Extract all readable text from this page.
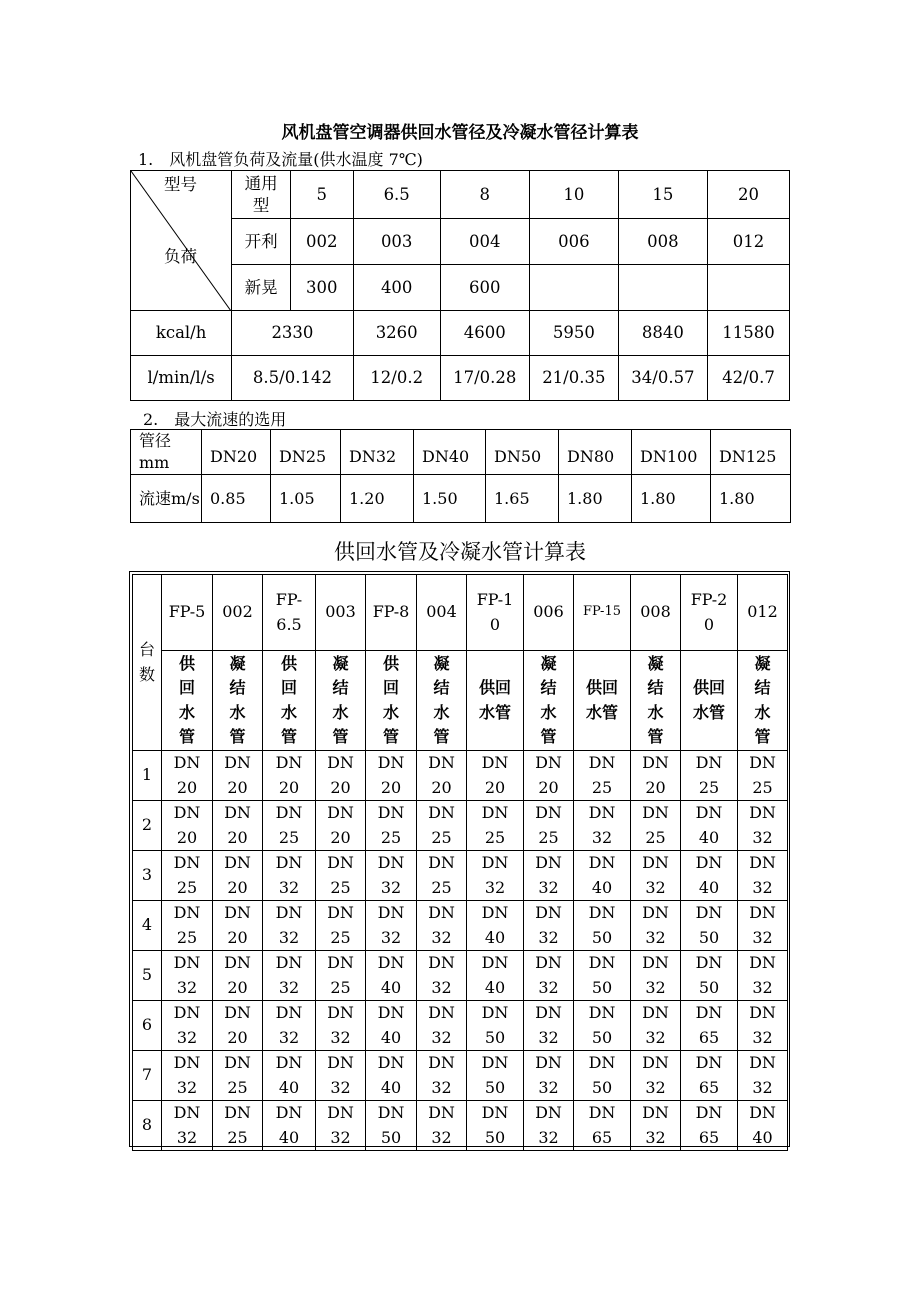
风机盘管空调器供回水管径及冷凝水管径计算表
1.　风机盘管负荷及流量(供水温度 7℃)
型号
负荷	通用型	5	6.5	8	10	15	20
	开利	002	003	004	006	008	012
	新晃	300	400	600			
kcal/h	2330		3260	4600	5950	8840	11580
l/min/l/s	8.5/0.142		12/0.2	17/0.28	21/0.35	34/0.57	42/0.7
2.　最大流速的选用
管径mm	DN20	DN25	DN32	DN40	DN50	DN80	DN100	DN125
流速m/s	0.85	1.05	1.20	1.50	1.65	1.80	1.80	1.80
供回水管及冷凝水管计算表
台数	FP-5	002	FP-6.5	003	FP-8	004	FP-10	006	FP-15	008	FP-20	012

	供回水管	凝结水管	供回水管	凝结水管	供回水管	凝结水管	供回水管	凝结水管	供回水管	凝结水管	供回水管	凝结水管

1	DN20	DN20	DN20	DN20	DN20	DN20	DN20	DN20	DN25	DN20	DN25	DN25

2	DN20	DN20	DN25	DN20	DN25	DN25	DN25	DN25	DN32	DN25	DN40	DN32

3	DN25	DN20	DN32	DN25	DN32	DN25	DN32	DN32	DN40	DN32	DN40	DN32

4	DN25	DN20	DN32	DN25	DN32	DN32	DN40	DN32	DN50	DN32	DN50	DN32

5	DN32	DN20	DN32	DN25	DN40	DN32	DN40	DN32	DN50	DN32	DN50	DN32

6	DN32	DN20	DN32	DN32	DN40	DN32	DN50	DN32	DN50	DN32	DN65	DN32

7	DN32	DN25	DN40	DN32	DN40	DN32	DN50	DN32	DN50	DN32	DN65	DN32

8	DN32	DN25	DN40	DN32	DN50	DN32	DN50	DN32	DN65	DN32	DN65	DN40
